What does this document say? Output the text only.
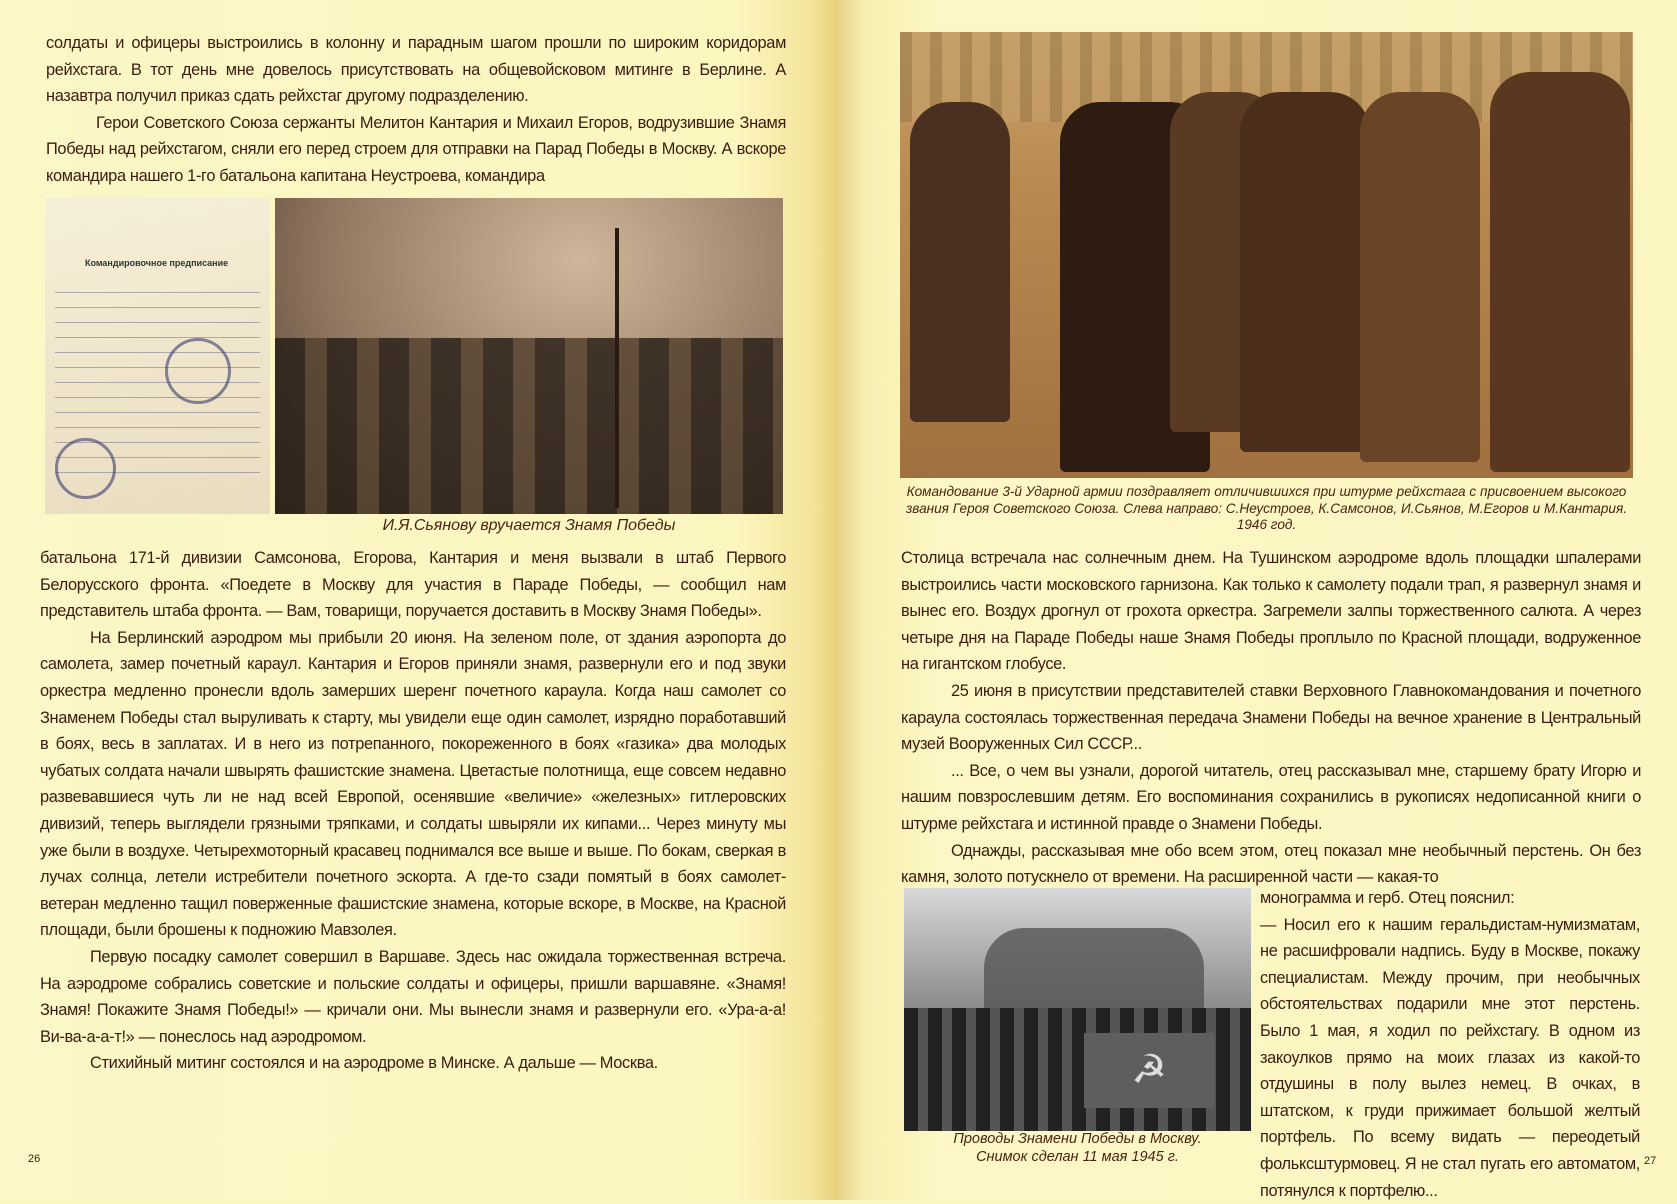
солдаты и офицеры выстроились в колонну и парадным шагом прошли по широким коридорам рейхстага. В тот день мне довелось присутствовать на общевойсковом митинге в Берлине. А назавтра получил приказ сдать рейхстаг другому подразделению.

Герои Советского Союза сержанты Мелитон Кантария и Михаил Егоров, водрузившие Знамя Победы над рейхстагом, сняли его перед строем для отправки на Парад Победы в Москву. А вскоре командира нашего 1-го батальона капитана Неустроева, командира

Командировочное предписание
И.Я.Сьянову вручается Знамя Победы

батальона 171-й дивизии Самсонова, Егорова, Кантария и меня вызвали в штаб Первого Белорусского фронта. «Поедете в Москву для участия в Параде Победы, — сообщил нам представитель штаба фронта. — Вам, товарищи, поручается доставить в Москву Знамя Победы».

На Берлинский аэродром мы прибыли 20 июня. На зеленом поле, от здания аэропорта до самолета, замер почетный караул. Кантария и Егоров приняли знамя, развернули его и под звуки оркестра медленно пронесли вдоль замерших шеренг почетного караула. Когда наш самолет со Знаменем Победы стал выруливать к старту, мы увидели еще один самолет, изрядно поработавший в боях, весь в заплатах. И в него из потрепанного, покореженного в боях «газика» два молодых чубатых солдата начали швырять фашистские знамена. Цветастые полотнища, еще совсем недавно развевавшиеся чуть ли не над всей Европой, осенявшие «величие» «железных» гитлеровских дивизий, теперь выглядели грязными тряпками, и солдаты швыряли их кипами... Через минуту мы уже были в воздухе. Четырехмоторный красавец поднимался все выше и выше. По бокам, сверкая в лучах солнца, летели истребители почетного эскорта. А где-то сзади помятый в боях самолет-ветеран медленно тащил поверженные фашистские знамена, которые вскоре, в Москве, на Красной площади, были брошены к подножию Мавзолея.

Первую посадку самолет совершил в Варшаве. Здесь нас ожидала торжественная встреча. На аэродроме собрались советские и польские солдаты и офицеры, пришли варшавяне. «Знамя! Знамя! Покажите Знамя Победы!» — кричали они. Мы вынесли знамя и развернули его. «Ура-а-а! Ви-ва-а-а-т!» — понеслось над аэродромом.

Стихийный митинг состоялся и на аэродроме в Минске. А дальше — Москва.

26
Командование 3-й Ударной армии поздравляет отличившихся при штурме рейхстага с присвоением высокого звания Героя Советского Союза. Слева направо: С.Неустроев, К.Самсонов, И.Сьянов, М.Егоров и М.Кантария. 1946 год.

Столица встречала нас солнечным днем. На Тушинском аэродроме вдоль площадки шпалерами выстроились части московского гарнизона. Как только к самолету подали трап, я развернул знамя и вынес его. Воздух дрогнул от грохота оркестра. Загремели залпы торжественного салюта. А через четыре дня на Параде Победы наше Знамя Победы проплыло по Красной площади, водруженное на гигантском глобусе.

25 июня в присутствии представителей ставки Верховного Главнокомандования и почетного караула состоялась торжественная передача Знамени Победы на вечное хранение в Центральный музей Вооруженных Сил СССР...

... Все, о чем вы узнали, дорогой читатель, отец рассказывал мне, старшему брату Игорю и нашим повзрослевшим детям. Его воспоминания сохранились в рукописях недописанной книги о штурме рейхстага и истинной правде о Знамени Победы.

Однажды, рассказывая мне обо всем этом, отец показал мне необычный перстень. Он без камня, золото потускнело от времени. На расширенной части — какая-то

☭
Проводы Знамени Победы в Москву.
Снимок сделан 11 мая 1945 г.

монограмма и герб. Отец пояснил:

— Носил его к нашим геральдистам-нумизматам, не расшифровали надпись. Буду в Москве, покажу специалистам. Между прочим, при необычных обстоятельствах подарили мне этот перстень. Было 1 мая, я ходил по рейхстагу. В одном из закоулков прямо на моих глазах из какой-то отдушины в полу вылез немец. В очках, в штатском, к груди прижимает большой желтый портфель. По всему видать — переодетый фольксштурмовец. Я не стал пугать его автоматом, потянулся к портфелю...

27
